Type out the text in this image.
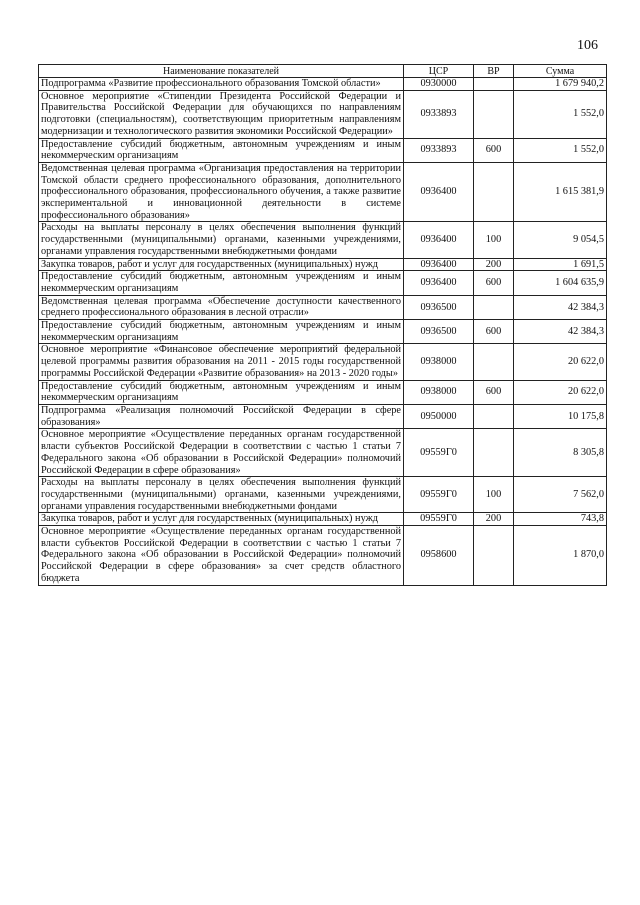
106
Наименование показателей	ЦСР	ВР	Сумма
Подпрограмма «Развитие профессионального образования Томской области»	0930000		1 679 940,2
Основное мероприятие «Стипендии Президента Российской Федерации и Правительства Российской Федерации для обучающихся по направлениям подготовки (специальностям), соответствующим приоритетным направлениям модернизации и технологического развития экономики Российской Федерации»	0933893		1 552,0
Предоставление субсидий бюджетным, автономным учреждениям и иным некоммерческим организациям	0933893	600	1 552,0
Ведомственная целевая программа «Организация предоставления на территории Томской области среднего профессионального образования, дополнительного профессионального образования, профессионального обучения, а также развитие экспериментальной и инновационной деятельности в системе профессионального образования»	0936400		1 615 381,9
Расходы на выплаты персоналу в целях обеспечения выполнения функций государственными (муниципальными) органами, казенными учреждениями, органами управления государственными внебюджетными фондами	0936400	100	9 054,5
Закупка товаров, работ и услуг для государственных (муниципальных) нужд	0936400	200	1 691,5
Предоставление субсидий бюджетным, автономным учреждениям и иным некоммерческим организациям	0936400	600	1 604 635,9
Ведомственная целевая программа «Обеспечение доступности качественного среднего профессионального образования в лесной отрасли»	0936500		42 384,3
Предоставление субсидий бюджетным, автономным учреждениям и иным некоммерческим организациям	0936500	600	42 384,3
Основное мероприятие «Финансовое обеспечение мероприятий федеральной целевой программы развития образования на 2011 - 2015 годы государственной программы Российской Федерации «Развитие образования» на 2013 - 2020 годы»	0938000		20 622,0
Предоставление субсидий бюджетным, автономным учреждениям и иным некоммерческим организациям	0938000	600	20 622,0
Подпрограмма «Реализация полномочий Российской Федерации в сфере образования»	0950000		10 175,8
Основное мероприятие «Осуществление переданных органам государственной власти субъектов Российской Федерации в соответствии с частью 1 статьи 7 Федерального закона «Об образовании в Российской Федерации» полномочий Российской Федерации в сфере образования»	09559Г0		8 305,8
Расходы на выплаты персоналу в целях обеспечения выполнения функций государственными (муниципальными) органами, казенными учреждениями, органами управления государственными внебюджетными фондами	09559Г0	100	7 562,0
Закупка товаров, работ и услуг для государственных (муниципальных) нужд	09559Г0	200	743,8
Основное мероприятие «Осуществление переданных органам государственной власти субъектов Российской Федерации в соответствии с частью 1 статьи 7 Федерального закона «Об образовании в Российской Федерации» полномочий Российской Федерации в сфере образования» за счет средств областного бюджета	0958600		1 870,0
